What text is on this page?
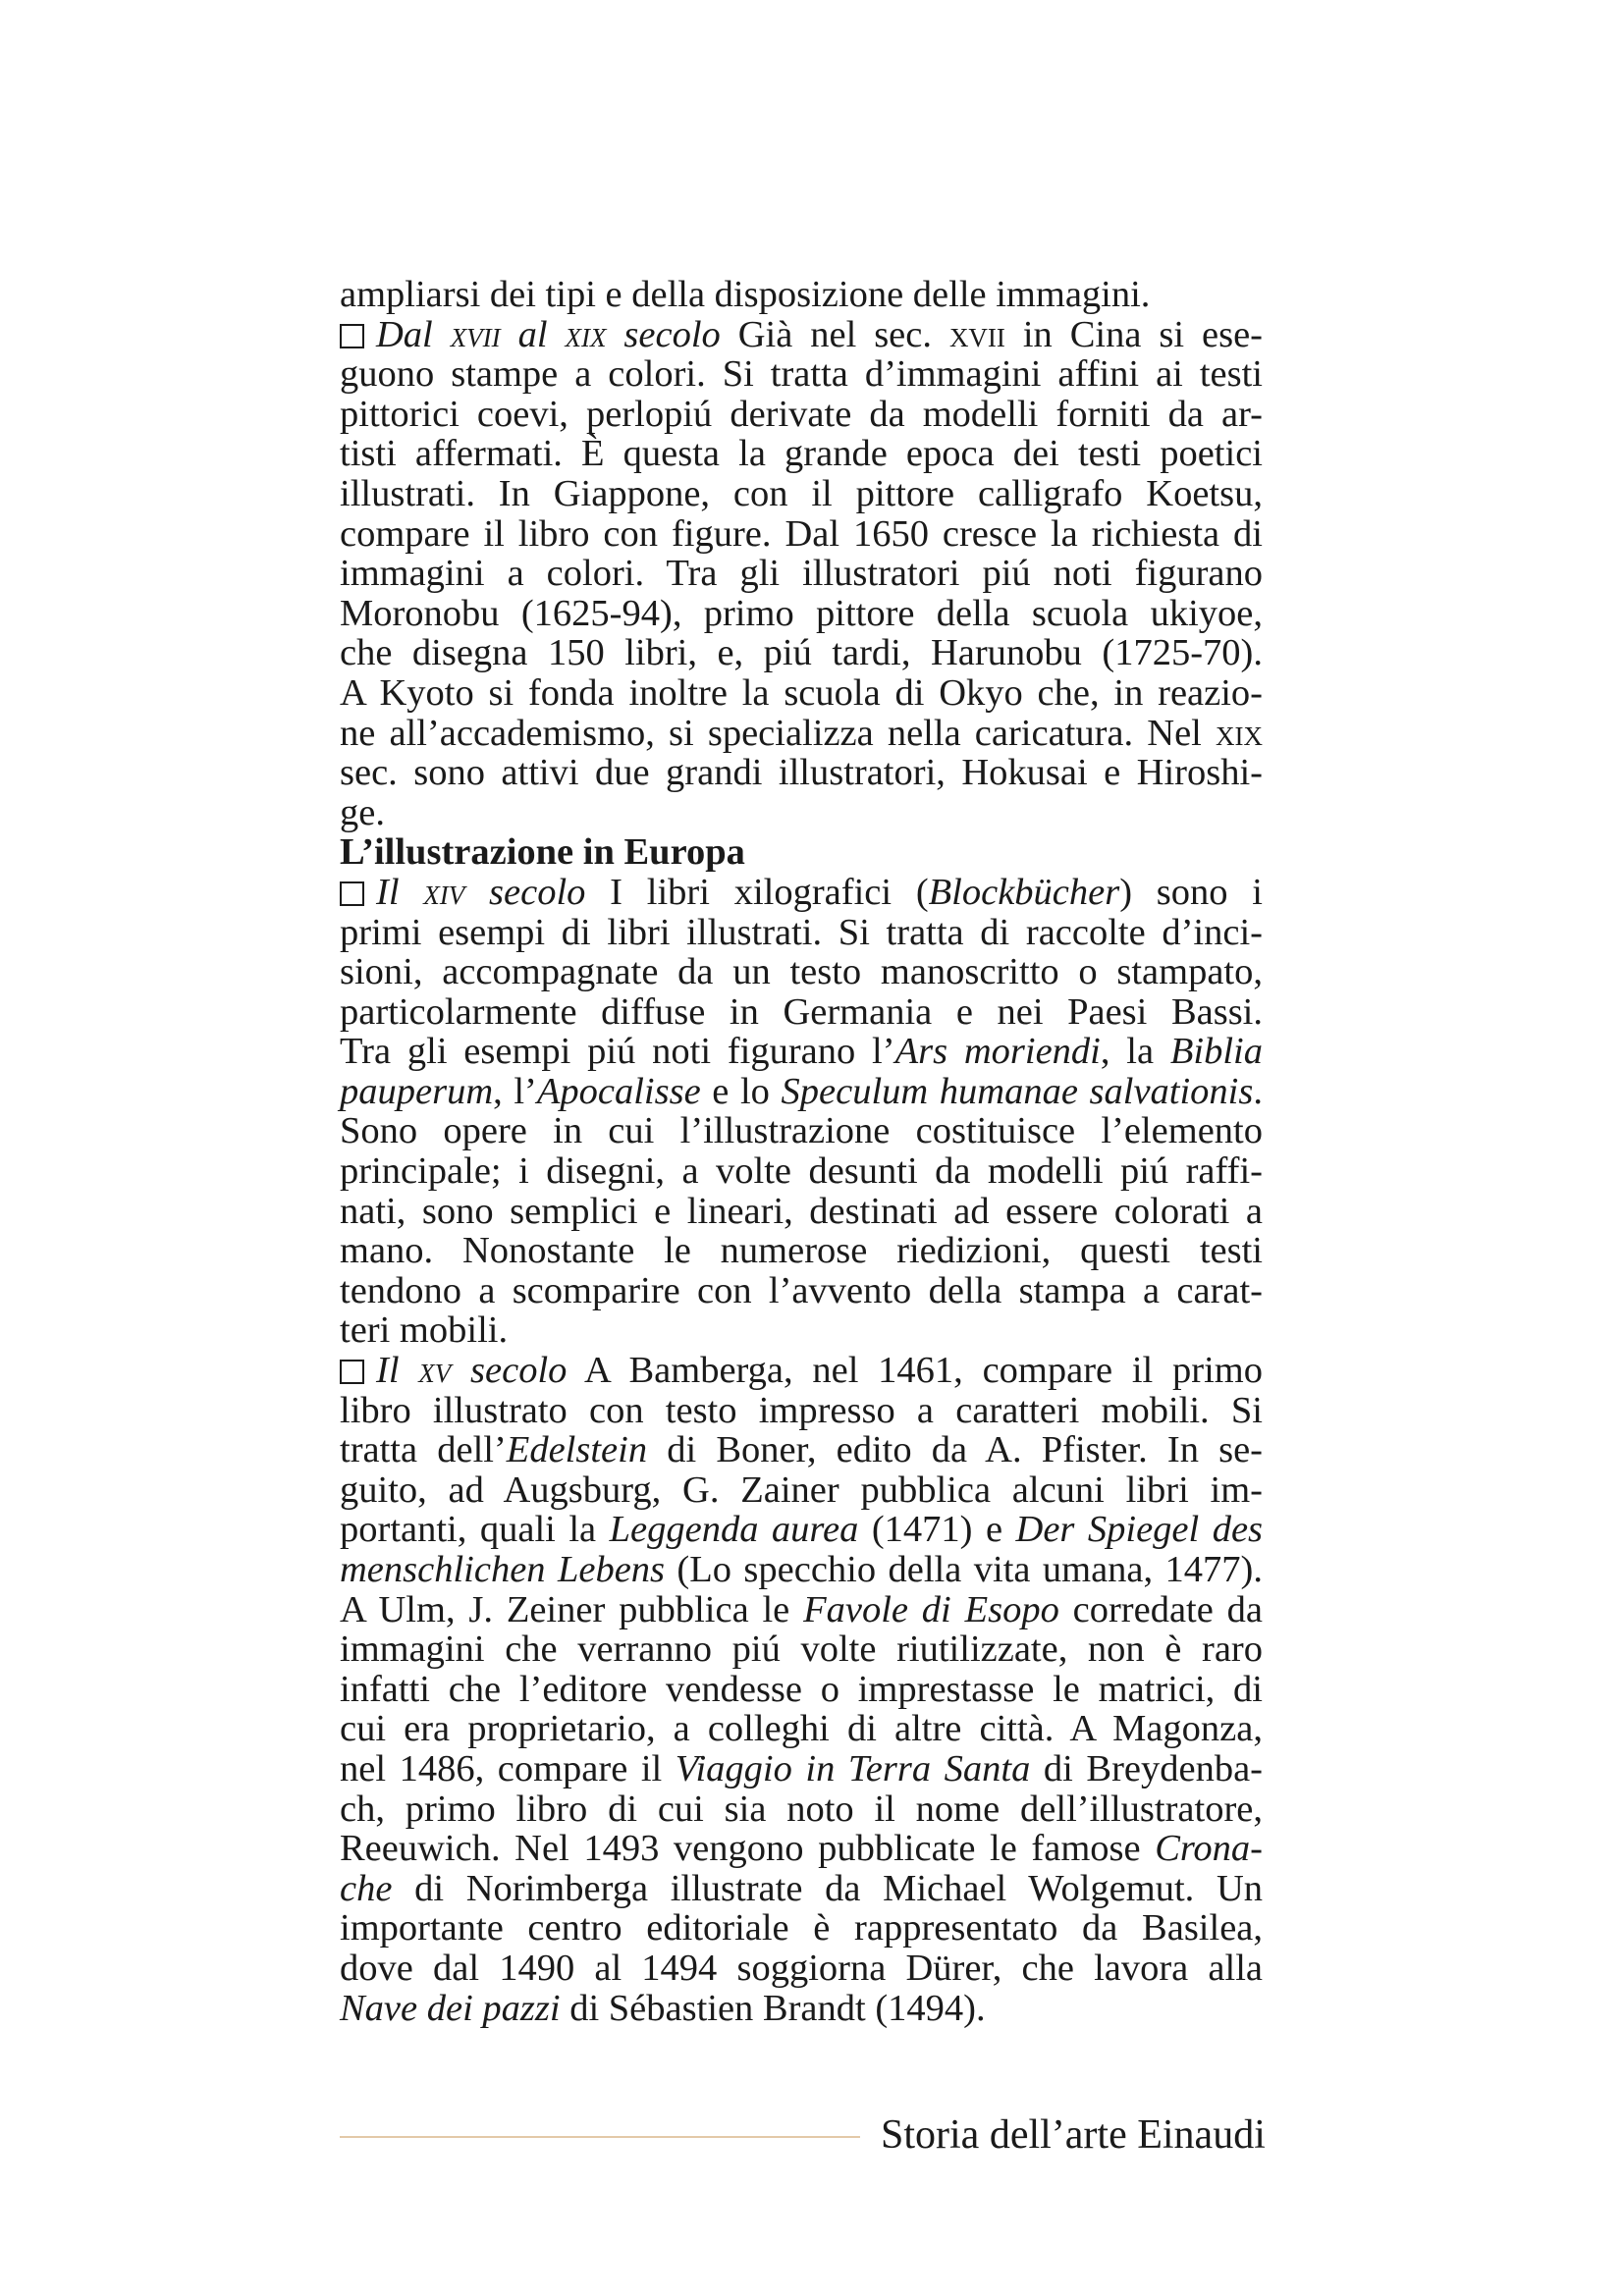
ampliarsi dei tipi e della disposizione delle immagini.
Dal xvii al xix secolo Già nel sec. xvii in Cina si ese-
guono stampe a colori. Si tratta d’immagini affini ai testi
pittorici coevi, perlopiú derivate da modelli forniti da ar-
tisti affermati. È questa la grande epoca dei testi poetici
illustrati. In Giappone, con il pittore calligrafo Koetsu,
compare il libro con figure. Dal 1650 cresce la richiesta di
immagini a colori. Tra gli illustratori piú noti figurano
Moronobu (1625-94), primo pittore della scuola ukiyoe,
che disegna 150 libri, e, piú tardi, Harunobu (1725-70).
A Kyoto si fonda inoltre la scuola di Okyo che, in reazio-
ne all’accademismo, si specializza nella caricatura. Nel xix
sec. sono attivi due grandi illustratori, Hokusai e Hiroshi-
ge.
L’illustrazione in Europa
Il xiv secolo I libri xilografici (Blockbücher) sono i
primi esempi di libri illustrati. Si tratta di raccolte d’inci-
sioni, accompagnate da un testo manoscritto o stampato,
particolarmente diffuse in Germania e nei Paesi Bassi.
Tra gli esempi piú noti figurano l’Ars moriendi, la Biblia
pauperum, l’Apocalisse e lo Speculum humanae salvationis.
Sono opere in cui l’illustrazione costituisce l’elemento
principale; i disegni, a volte desunti da modelli piú raffi-
nati, sono semplici e lineari, destinati ad essere colorati a
mano. Nonostante le numerose riedizioni, questi testi
tendono a scomparire con l’avvento della stampa a carat-
teri mobili.
Il xv secolo A Bamberga, nel 1461, compare il primo
libro illustrato con testo impresso a caratteri mobili. Si
tratta dell’Edelstein di Boner, edito da A. Pfister. In se-
guito, ad Augsburg, G. Zainer pubblica alcuni libri im-
portanti, quali la Leggenda aurea (1471) e Der Spiegel des
menschlichen Lebens (Lo specchio della vita umana, 1477).
A Ulm, J. Zeiner pubblica le Favole di Esopo corredate da
immagini che verranno piú volte riutilizzate, non è raro
infatti che l’editore vendesse o imprestasse le matrici, di
cui era proprietario, a colleghi di altre città. A Magonza,
nel 1486, compare il Viaggio in Terra Santa di Breydenba-
ch, primo libro di cui sia noto il nome dell’illustratore,
Reeuwich. Nel 1493 vengono pubblicate le famose Crona-
che di Norimberga illustrate da Michael Wolgemut. Un
importante centro editoriale è rappresentato da Basilea,
dove dal 1490 al 1494 soggiorna Dürer, che lavora alla
Nave dei pazzi di Sébastien Brandt (1494).
Storia dell’arte Einaudi
